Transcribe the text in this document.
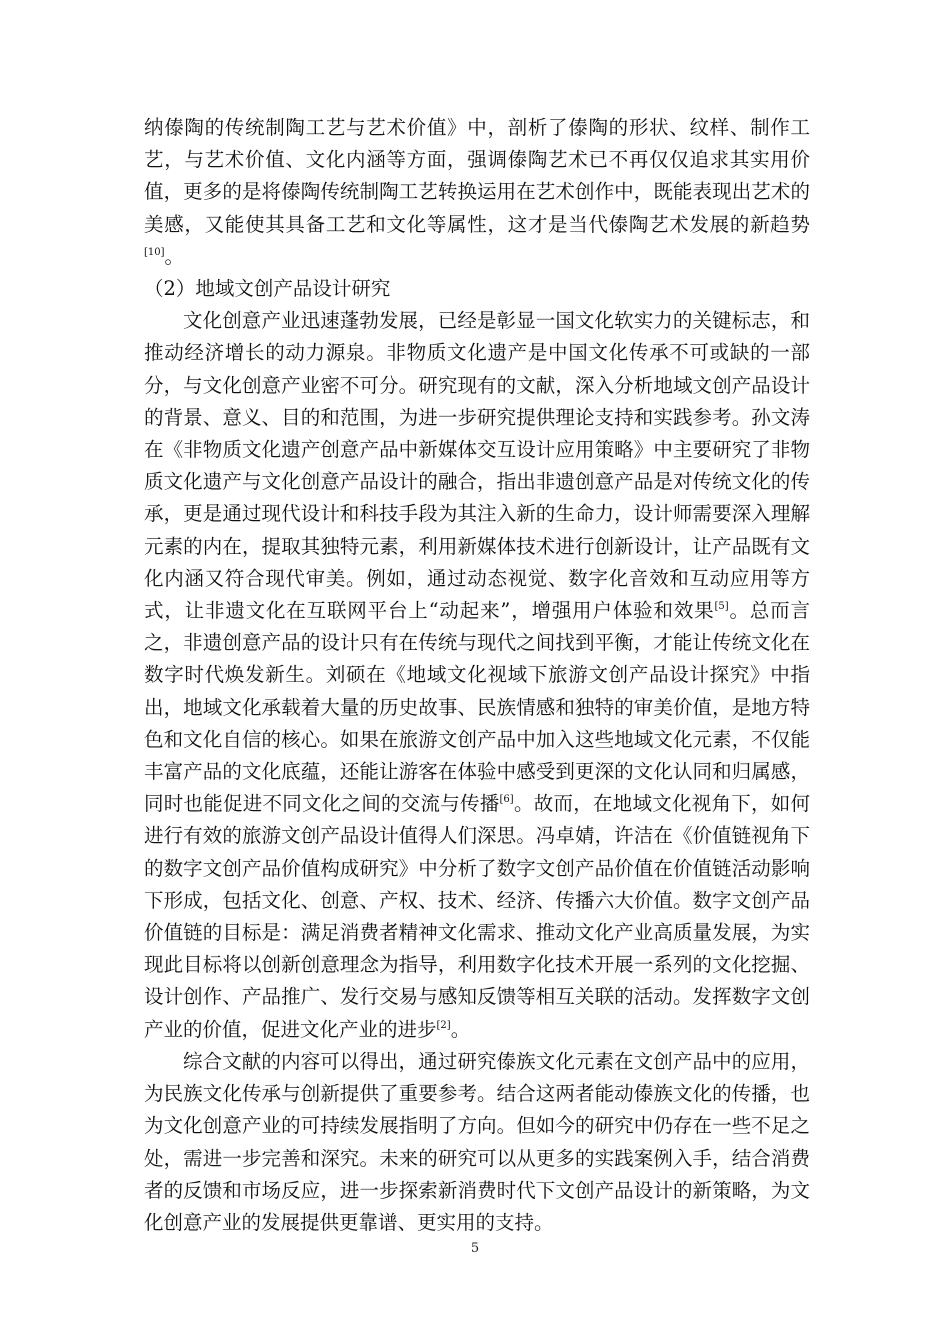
纳傣陶的传统制陶工艺与艺术价值》中，剖析了傣陶的形状、纹样、制作工艺，与艺术价值、文化内涵等方面，强调傣陶艺术已不再仅仅追求其实用价值，更多的是将傣陶传统制陶工艺转换运用在艺术创作中，既能表现出艺术的美感，又能使其具备工艺和文化等属性，这才是当代傣陶艺术发展的新趋势[10]。

（2）地域文创产品设计研究

文化创意产业迅速蓬勃发展，已经是彰显一国文化软实力的关键标志，和推动经济增长的动力源泉。非物质文化遗产是中国文化传承不可或缺的一部分，与文化创意产业密不可分。研究现有的文献，深入分析地域文创产品设计的背景、意义、目的和范围，为进一步研究提供理论支持和实践参考。孙文涛在《非物质文化遗产创意产品中新媒体交互设计应用策略》中主要研究了非物质文化遗产与文化创意产品设计的融合，指出非遗创意产品是对传统文化的传承，更是通过现代设计和科技手段为其注入新的生命力，设计师需要深入理解元素的内在，提取其独特元素，利用新媒体技术进行创新设计，让产品既有文化内涵又符合现代审美。例如，通过动态视觉、数字化音效和互动应用等方式，让非遗文化在互联网平台上“动起来”，增强用户体验和效果[5]。总而言之，非遗创意产品的设计只有在传统与现代之间找到平衡，才能让传统文化在数字时代焕发新生。刘硕在《地域文化视域下旅游文创产品设计探究》中指出，地域文化承载着大量的历史故事、民族情感和独特的审美价值，是地方特色和文化自信的核心。如果在旅游文创产品中加入这些地域文化元素，不仅能丰富产品的文化底蕴，还能让游客在体验中感受到更深的文化认同和归属感，同时也能促进不同文化之间的交流与传播[6]。故而，在地域文化视角下，如何进行有效的旅游文创产品设计值得人们深思。冯卓婧，许洁在《价值链视角下的数字文创产品价值构成研究》中分析了数字文创产品价值在价值链活动影响下形成，包括文化、创意、产权、技术、经济、传播六大价值。数字文创产品价值链的目标是：满足消费者精神文化需求、推动文化产业高质量发展，为实现此目标将以创新创意理念为指导，利用数字化技术开展一系列的文化挖掘、设计创作、产品推广、发行交易与感知反馈等相互关联的活动。发挥数字文创产业的价值，促进文化产业的进步[2]。

综合文献的内容可以得出，通过研究傣族文化元素在文创产品中的应用，为民族文化传承与创新提供了重要参考。结合这两者能动傣族文化的传播，也为文化创意产业的可持续发展指明了方向。但如今的研究中仍存在一些不足之处，需进一步完善和深究。未来的研究可以从更多的实践案例入手，结合消费者的反馈和市场反应，进一步探索新消费时代下文创产品设计的新策略，为文化创意产业的发展提供更靠谱、更实用的支持。

5
